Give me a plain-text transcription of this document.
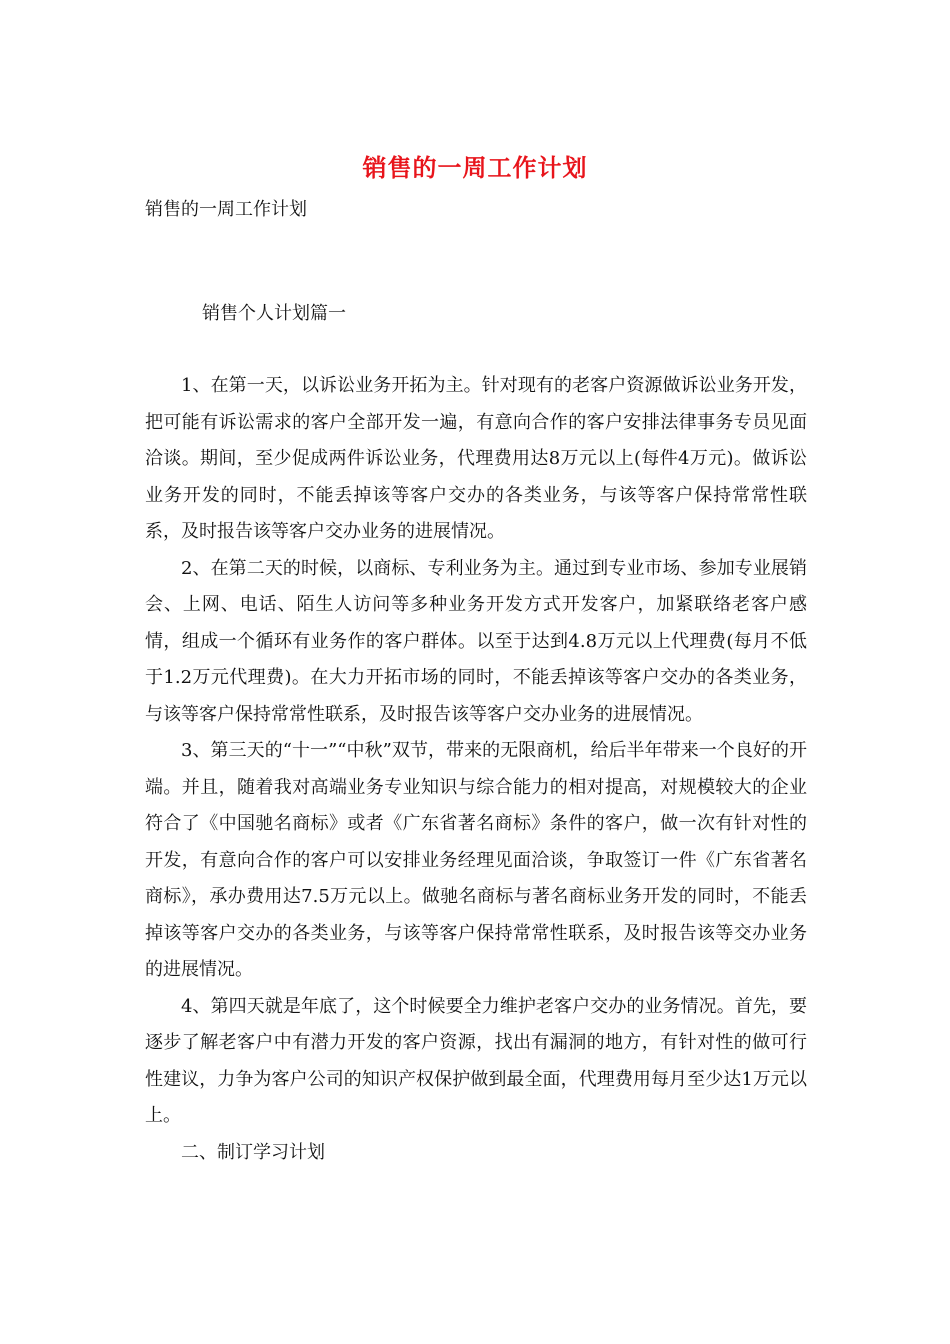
销售的一周工作计划
销售的一周工作计划
销售个人计划篇一

1、在第一天，以诉讼业务开拓为主。针对现有的老客户资源做诉讼业务开发，把可能有诉讼需求的客户全部开发一遍，有意向合作的客户安排法律事务专员见面洽谈。期间，至少促成两件诉讼业务，代理费用达8万元以上(每件4万元)。做诉讼业务开发的同时，不能丢掉该等客户交办的各类业务，与该等客户保持常常性联系，及时报告该等客户交办业务的进展情况。

2、在第二天的时候，以商标、专利业务为主。通过到专业市场、参加专业展销会、上网、电话、陌生人访问等多种业务开发方式开发客户，加紧联络老客户感情，组成一个循环有业务作的客户群体。以至于达到4.8万元以上代理费(每月不低于1.2万元代理费)。在大力开拓市场的同时，不能丢掉该等客户交办的各类业务，与该等客户保持常常性联系，及时报告该等客户交办业务的进展情况。

3、第三天的“十一”“中秋”双节，带来的无限商机，给后半年带来一个良好的开端。并且，随着我对高端业务专业知识与综合能力的相对提高，对规模较大的企业符合了《中国驰名商标》或者《广东省著名商标》条件的客户，做一次有针对性的开发，有意向合作的客户可以安排业务经理见面洽谈，争取签订一件《广东省著名商标》，承办费用达7.5万元以上。做驰名商标与著名商标业务开发的同时，不能丢掉该等客户交办的各类业务，与该等客户保持常常性联系，及时报告该等交办业务的进展情况。

4、第四天就是年底了，这个时候要全力维护老客户交办的业务情况。首先，要逐步了解老客户中有潜力开发的客户资源，找出有漏洞的地方，有针对性的做可行性建议，力争为客户公司的知识产权保护做到最全面，代理费用每月至少达1万元以上。

二、制订学习计划
